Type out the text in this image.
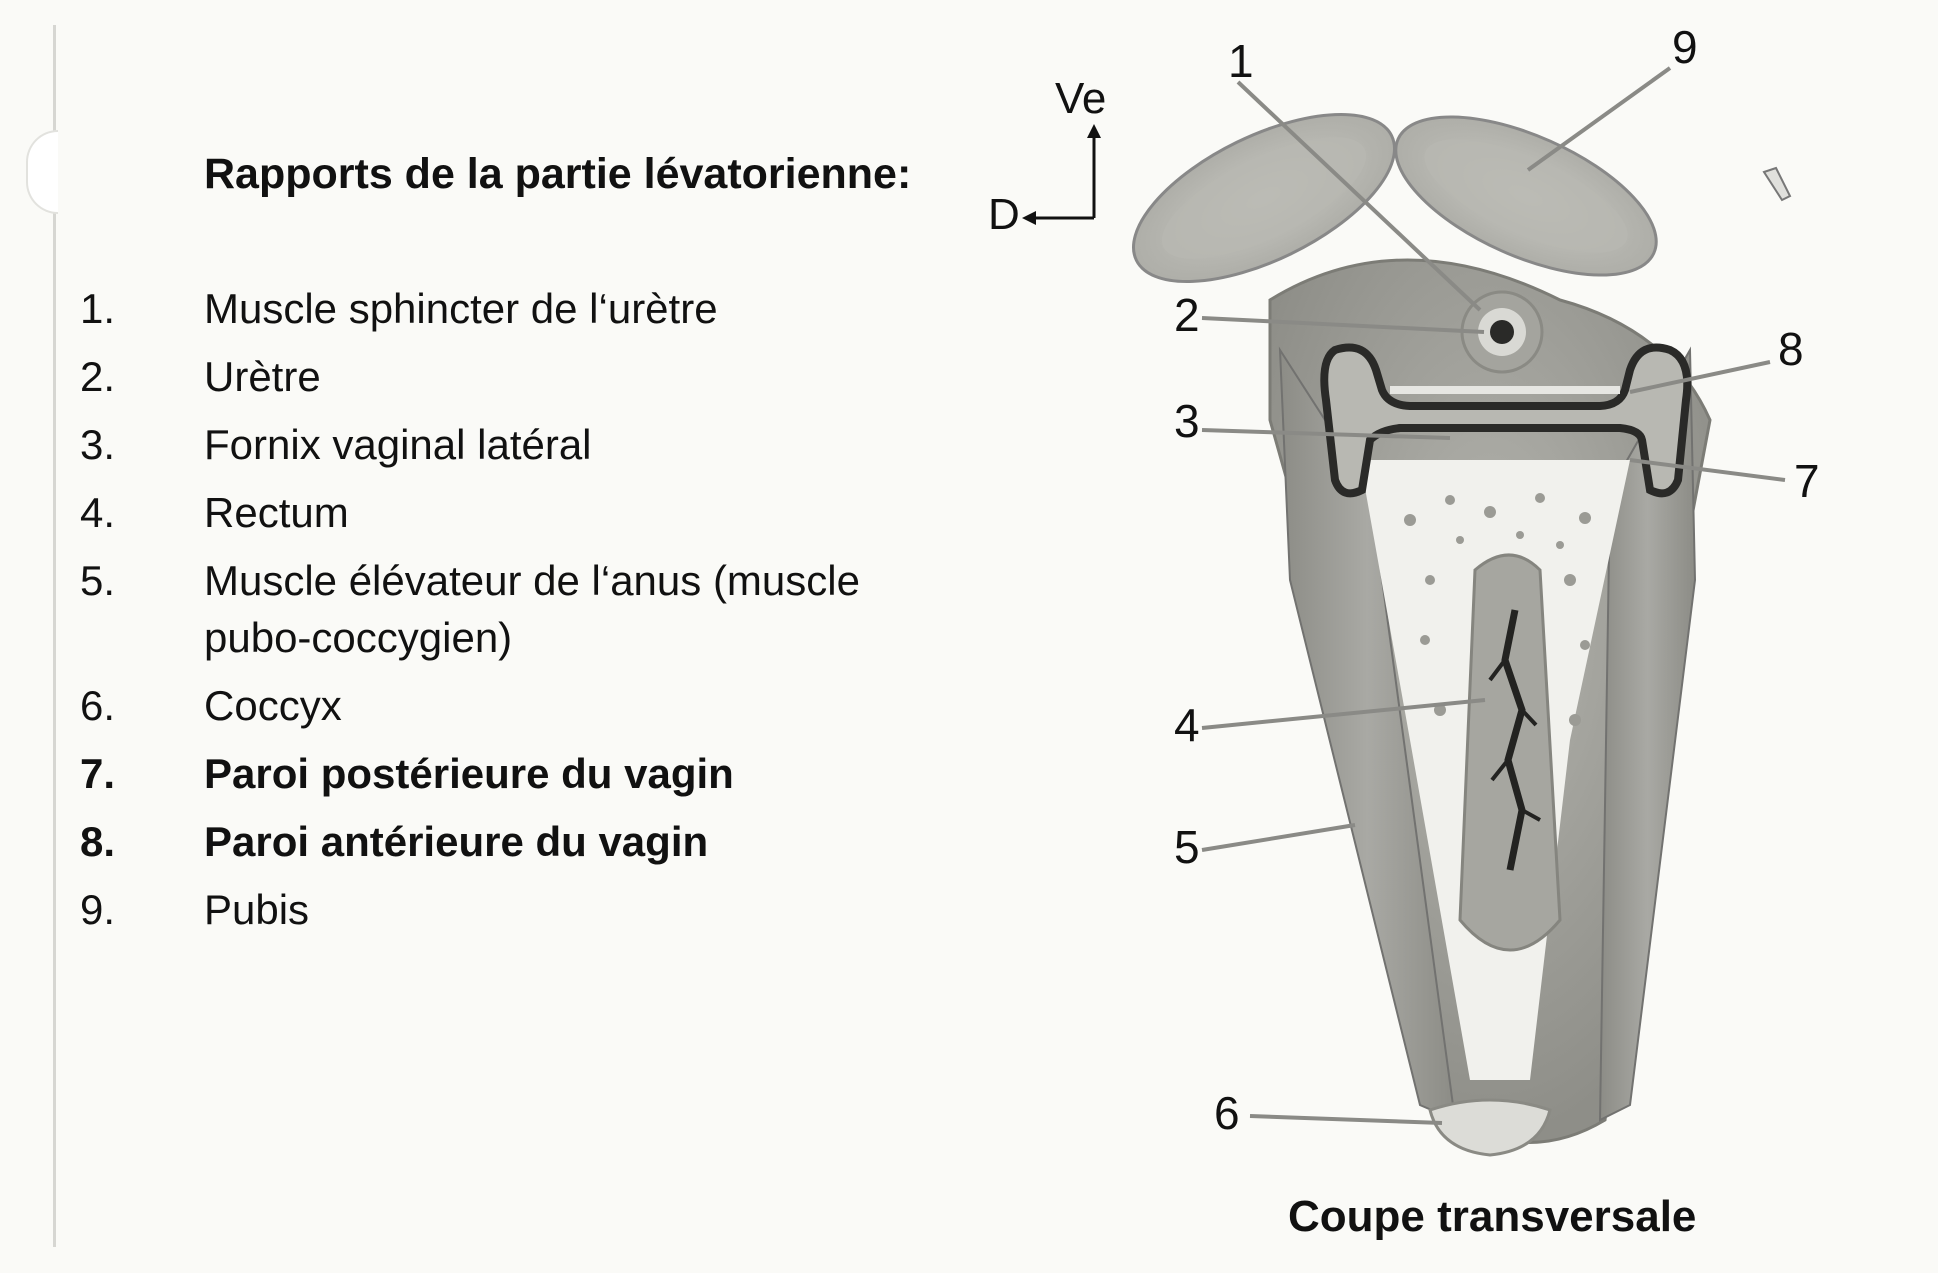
Rapports de la partie lévatorienne:
1.	Muscle sphincter de l‘urètre
2.	Urètre
3.	Fornix vaginal latéral
4.	Rectum
5.	Muscle élévateur de l‘anus (muscle pubo-coccygien)
6.	Coccyx
7.	Paroi postérieure du vagin
8.	Paroi antérieure du vagin
9.	Pubis
Ve
D
1	9
2
8
3
7
4
5
6
Coupe transversale
